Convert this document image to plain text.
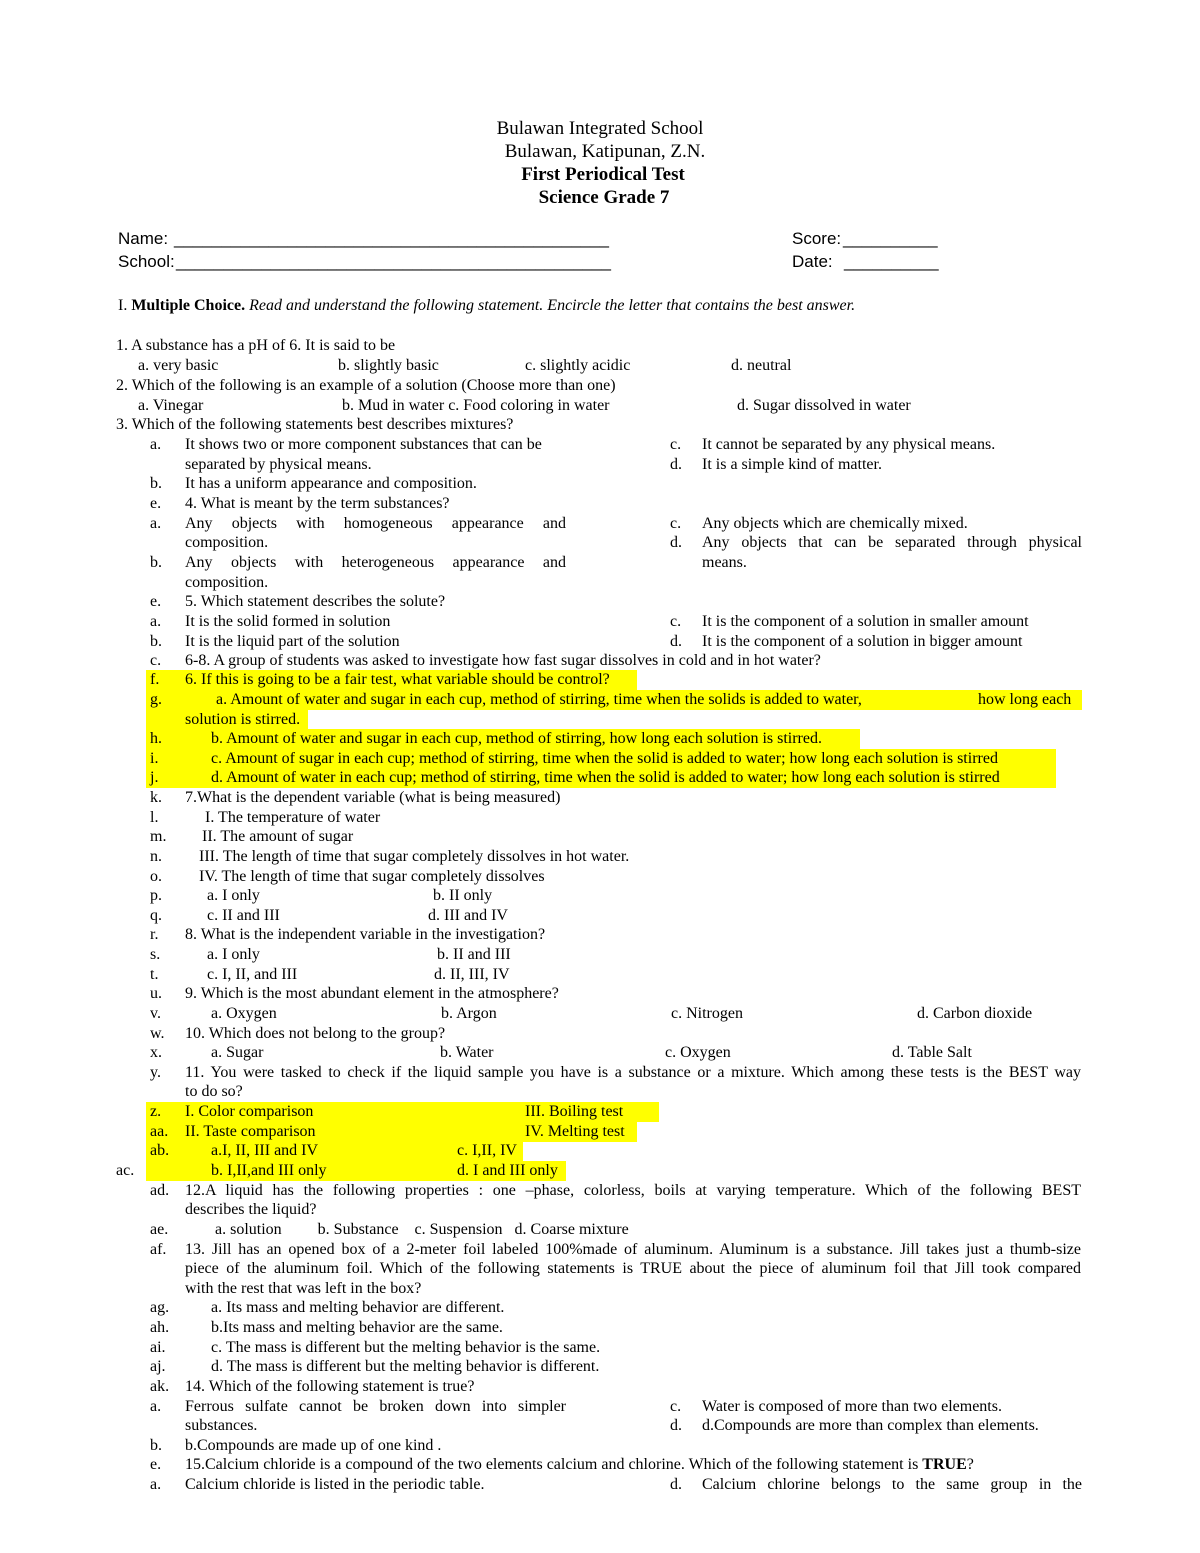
Bulawan Integrated School
Bulawan, Katipunan, Z.N.
First Periodical Test
Science Grade 7
Name: ______________________________________________
School: ______________________________________________
Score: __________
Date: __________
I. Multiple Choice. Read and understand the following statement. Encircle the letter that contains the best answer.
1. A substance has a pH of 6. It is said to be
a. very basic	b. slightly basic	c. slightly acidic	d. neutral
2. Which of the following is an example of a solution (Choose more than one)
a. Vinegar	b. Mud in water c. Food coloring in water	d. Sugar dissolved in water
3. Which of the following statements best describes mixtures?
a. It shows two or more component substances that can be
separated by physical means.
b. It has a uniform appearance and composition.
c. It cannot be separated by any physical means.
d. It is a simple kind of matter.
e. 4. What is meant by the term substances?
a. Any objects with homogeneous appearance and
composition.
b. Any objects with heterogeneous appearance and
composition.
c. Any objects which are chemically mixed.
d. Any objects that can be separated through physical
means.
e. 5. Which statement describes the solute?
a. It is the solid formed in solution
b. It is the liquid part of the solution
c. It is the component of a solution in smaller amount
d. It is the component of a solution in bigger amount
c. 6-8. A group of students was asked to investigate how fast sugar dissolves in cold and in hot water?
f. 6. If this is going to be a fair test, what variable should be control?
g.	a. Amount of water and sugar in each cup, method of stirring, time when the solids is added to water,	how long each
solution is stirred.
h.	b. Amount of water and sugar in each cup, method of stirring, how long each solution is stirred.
i.	c. Amount of sugar in each cup; method of stirring, time when the solid is added to water; how long each solution is stirred
j.	d. Amount of water in each cup; method of stirring, time when the solid is added to water; how long each solution is stirred
k. 7.What is the dependent variable (what is being measured)
l.	I. The temperature of water
m. II. The amount of sugar
n. III. The length of time that sugar completely dissolves in hot water.
o. IV. The length of time that sugar completely dissolves
p.	a. I only	b. II only
q.	c. II and III	d. III and IV
r. 8. What is the independent variable in the investigation?
s.	a. I only	b. II and III
t.	c. I, II, and III	d. II, III, IV
u. 9. Which is the most abundant element in the atmosphere?
v.	a. Oxygen	b. Argon	c. Nitrogen	d. Carbon dioxide
w. 10. Which does not belong to the group?
x.	a. Sugar	b. Water	c. Oxygen	d. Table Salt
y. 11. You were tasked to check if the liquid sample you have is a substance or a mixture. Which among these tests is the BEST way
to do so?
z. I. Color comparison	III. Boiling test
aa. II. Taste comparison	IV. Melting test
ab.	a.I, II, III and IV	c. I,II, IV
ac.	b. I,II,and III only	d. I and III only
ad. 12.A liquid has the following properties : one –phase, colorless, boils at varying temperature. Which of the following BEST
describes the liquid?
ae.	a. solution         b. Substance    c. Suspension   d. Coarse mixture
af. 13. Jill has an opened box of a 2-meter foil labeled 100%made of aluminum. Aluminum is a substance. Jill takes just a thumb-size
piece of the aluminum foil. Which of the following statements is TRUE about the piece of aluminum foil that Jill took compared
with the rest that was left in the box?
ag.	a. Its mass and melting behavior are different.
ah.	b.Its mass and melting behavior are the same.
ai.	c. The mass is different but the melting behavior is the same.
aj.	d. The mass is different but the melting behavior is different.
ak. 14. Which of the following statement is true?
a. Ferrous sulfate cannot be broken down into simpler
substances.
b. b.Compounds are made up of one kind .
c. Water is composed of more than two elements.
d. d.Compounds are more than complex than elements.
e. 15.Calcium chloride is a compound of the two elements calcium and chlorine. Which of the following statement is TRUE?
a. Calcium chloride is listed in the periodic table.	d. Calcium chlorine belongs to the same group in the
